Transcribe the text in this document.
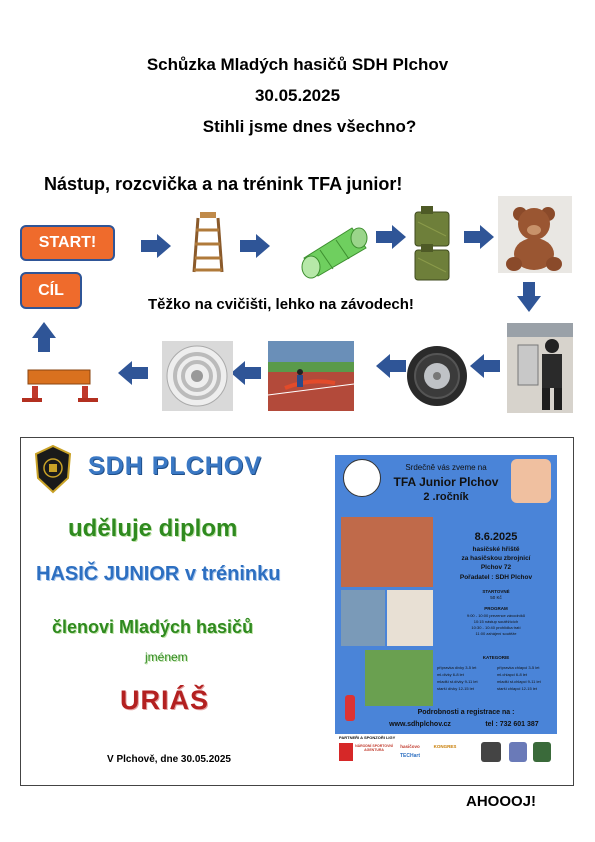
Schůzka Mladých hasičů SDH Plchov
30.05.2025
Stihli jsme dnes všechno?
Nástup, rozcvička a na trénink TFA junior!
START!
CÍL
Těžko na cvičišti, lehko na závodech!
SDH PLCHOV
uděluje diplom
HASIČ JUNIOR v tréninku
členovi Mladých hasičů
jménem
URIÁŠ
V Plchově, dne 30.05.2025
Srdečně vás zveme na
TFA Junior Plchov
2 .ročník
8.6.2025
hasičské hřiště
za hasičskou zbrojnicí
Plchov 72
Pořadatel : SDH Plchov
STARTOVNÉ
50 Kč
PROGRAM
9:00 - 10:00 prezence závodníků
10:15 nástup soutěžících
10:30 - 10:40 prohlídka tratí
11:00 zahájení soutěže
KATEGORIE
přípravka dívky 3-5 let	přípravka chlapci 3-5 let
ml.dívky 6-8 let	ml.chlapci 6-8 let
mladší st.dívky 9-11 let	mladší st.chlapci 9-11 let
starší dívky 12-15 let	starší chlapci 12-15 let
Podrobnosti a registrace na :
www.sdhplchov.cz	tel : 732 601 387
PARTNEŘI A SPONZOŘI LIGY
NÁRODNÍ SPORTOVNÍ AGENTURA
hasičovo
TECHart
KONGRES
AHOOOJ!
